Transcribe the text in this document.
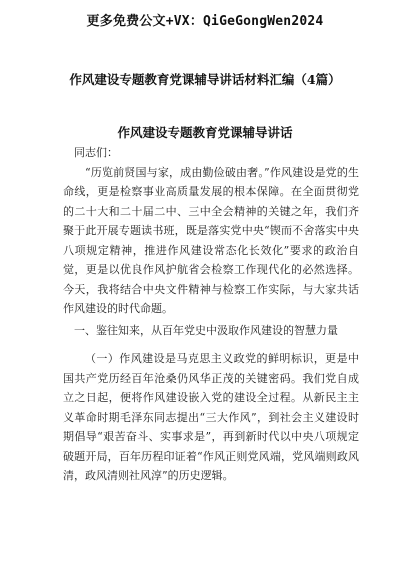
更多免费公文+VX：QiGeGongWen2024
作风建设专题教育党课辅导讲话材料汇编（4篇）
作风建设专题教育党课辅导讲话

同志们：

“历览前贤国与家，成由勤俭破由奢。”作风建设是党的生命线，更是检察事业高质量发展的根本保障。在全面贯彻党的二十大和二十届二中、三中全会精神的关键之年，我们齐聚于此开展专题读书班，既是落实党中央“锲而不舍落实中央八项规定精神，推进作风建设常态化长效化”要求的政治自觉，更是以优良作风护航省会检察工作现代化的必然选择。今天，我将结合中央文件精神与检察工作实际，与大家共话作风建设的时代命题。

一、鉴往知来，从百年党史中汲取作风建设的智慧力量

（一）作风建设是马克思主义政党的鲜明标识，更是中国共产党历经百年沧桑仍风华正茂的关键密码。我们党自成立之日起，便将作风建设嵌入党的建设全过程。从新民主主义革命时期毛泽东同志提出“三大作风”，到社会主义建设时期倡导“艰苦奋斗、实事求是”，再到新时代以中央八项规定破题开局，百年历程印证着“作风正则党风端，党风端则政风清，政风清则社风淳”的历史逻辑。
